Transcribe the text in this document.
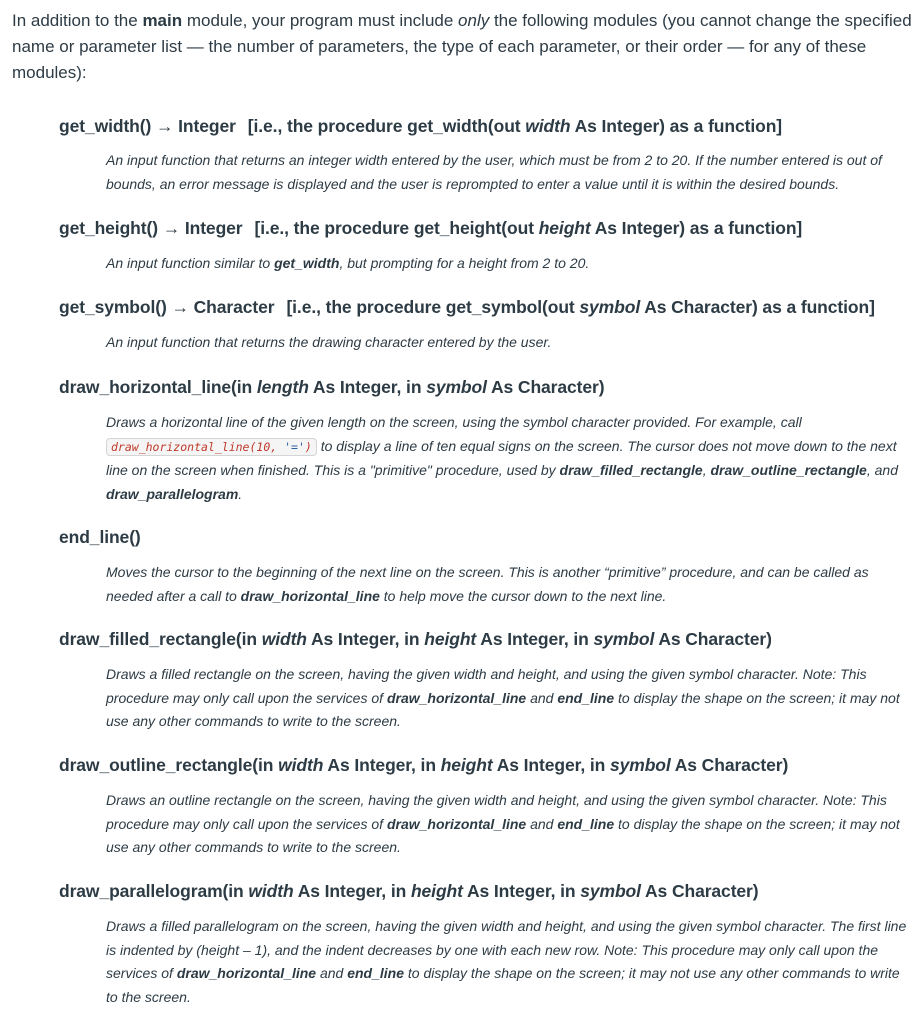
In addition to the main module, your program must include only the following modules (you cannot change the specified name or parameter list — the number of parameters, the type of each parameter, or their order — for any of these modules):

get_width() → Integer [i.e., the procedure get_width(out width As Integer) as a function]

An input function that returns an integer width entered by the user, which must be from 2 to 20. If the number entered is out of bounds, an error message is displayed and the user is reprompted to enter a value until it is within the desired bounds.

get_height() → Integer [i.e., the procedure get_height(out height As Integer) as a function]

An input function similar to get_width, but prompting for a height from 2 to 20.

get_symbol() → Character [i.e., the procedure get_symbol(out symbol As Character) as a function]

An input function that returns the drawing character entered by the user.

draw_horizontal_line(in length As Integer, in symbol As Character)

Draws a horizontal line of the given length on the screen, using the symbol character provided. For example, call draw_horizontal_line(10, '=') to display a line of ten equal signs on the screen. The cursor does not move down to the next line on the screen when finished. This is a "primitive" procedure, used by draw_filled_rectangle, draw_outline_rectangle, and draw_parallelogram.

end_line()

Moves the cursor to the beginning of the next line on the screen. This is another “primitive” procedure, and can be called as needed after a call to draw_horizontal_line to help move the cursor down to the next line.

draw_filled_rectangle(in width As Integer, in height As Integer, in symbol As Character)

Draws a filled rectangle on the screen, having the given width and height, and using the given symbol character. Note: This procedure may only call upon the services of draw_horizontal_line and end_line to display the shape on the screen; it may not use any other commands to write to the screen.

draw_outline_rectangle(in width As Integer, in height As Integer, in symbol As Character)

Draws an outline rectangle on the screen, having the given width and height, and using the given symbol character. Note: This procedure may only call upon the services of draw_horizontal_line and end_line to display the shape on the screen; it may not use any other commands to write to the screen.

draw_parallelogram(in width As Integer, in height As Integer, in symbol As Character)

Draws a filled parallelogram on the screen, having the given width and height, and using the given symbol character. The first line is indented by (height – 1), and the indent decreases by one with each new row. Note: This procedure may only call upon the services of draw_horizontal_line and end_line to display the shape on the screen; it may not use any other commands to write to the screen.
